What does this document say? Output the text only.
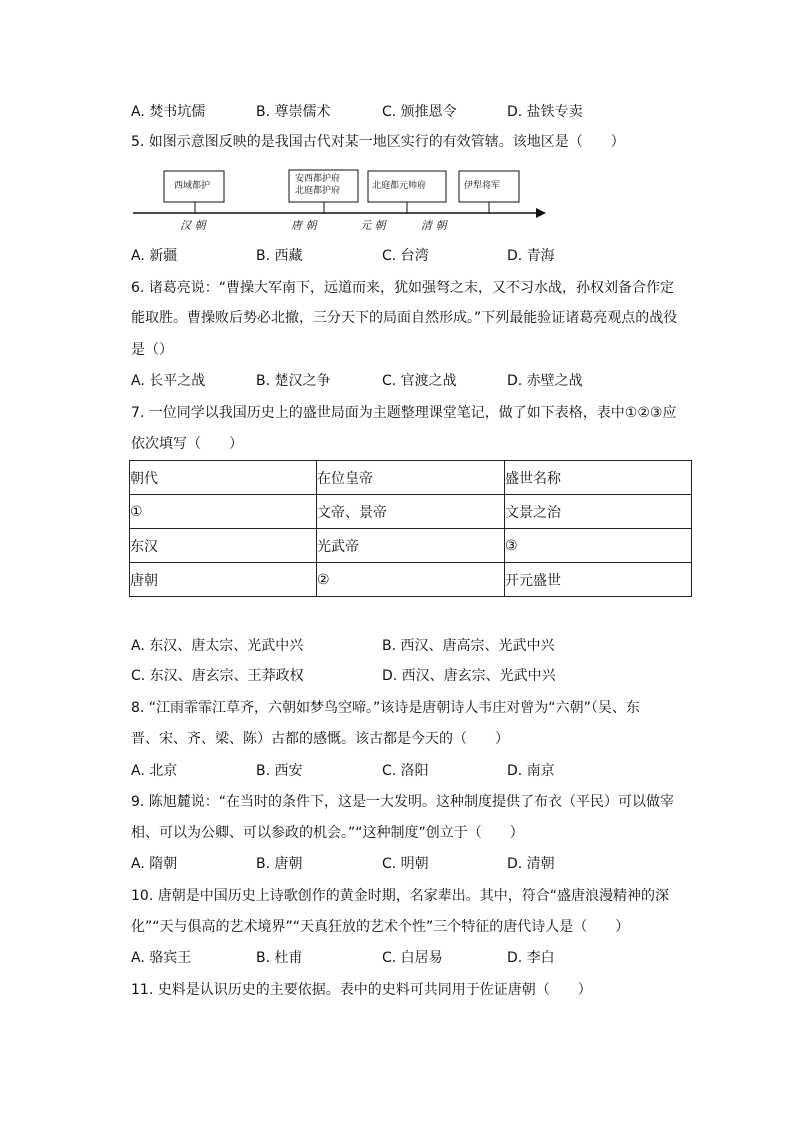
A. 焚书坑儒	B. 尊崇儒术	C. 颁推恩令	D. 盐铁专卖
5. 如图示意图反映的是我国古代对某一地区实行的有效管辖。该地区是（　　）
西域都护
安西都护府
北庭都护府	北庭都元帅府	伊犁将军
汉 朝	唐 朝	元 朝	清 朝
A. 新疆	B. 西藏	C. 台湾	D. 青海
6. 诸葛亮说：“曹操大军南下，远道而来，犹如强弩之末，又不习水战，孙权刘备合作定
能取胜。曹操败后势必北撤，三分天下的局面自然形成。”下列最能验证诸葛亮观点的战役
是（）
A. 长平之战	B. 楚汉之争	C. 官渡之战	D. 赤壁之战
7. 一位同学以我国历史上的盛世局面为主题整理课堂笔记，做了如下表格，表中①②③应
依次填写（　　）
朝代	在位皇帝	盛世名称
①	文帝、景帝	文景之治
东汉	光武帝	③
唐朝	②	开元盛世
A. 东汉、唐太宗、光武中兴	B. 西汉、唐高宗、光武中兴
C. 东汉、唐玄宗、王莽政权	D. 西汉、唐玄宗、光武中兴
8. “江雨霏霏江草齐，六朝如梦鸟空啼。”该诗是唐朝诗人韦庄对曾为“六朝”（吴、东
晋、宋、齐、梁、陈）古都的感慨。该古都是今天的（　　）
A. 北京	B. 西安	C. 洛阳	D. 南京
9. 陈旭麓说：“在当时的条件下，这是一大发明。这种制度提供了布衣（平民）可以做宰
相、可以为公卿、可以参政的机会。”“这种制度”创立于（　　）
A. 隋朝	B. 唐朝	C. 明朝	D. 清朝
10. 唐朝是中国历史上诗歌创作的黄金时期，名家辈出。其中，符合“盛唐浪漫精神的深
化”“天与俱高的艺术境界”“天真狂放的艺术个性”三个特征的唐代诗人是（　　）
A. 骆宾王	B. 杜甫	C. 白居易	D. 李白
11. 史料是认识历史的主要依据。表中的史料可共同用于佐证唐朝（　　）
